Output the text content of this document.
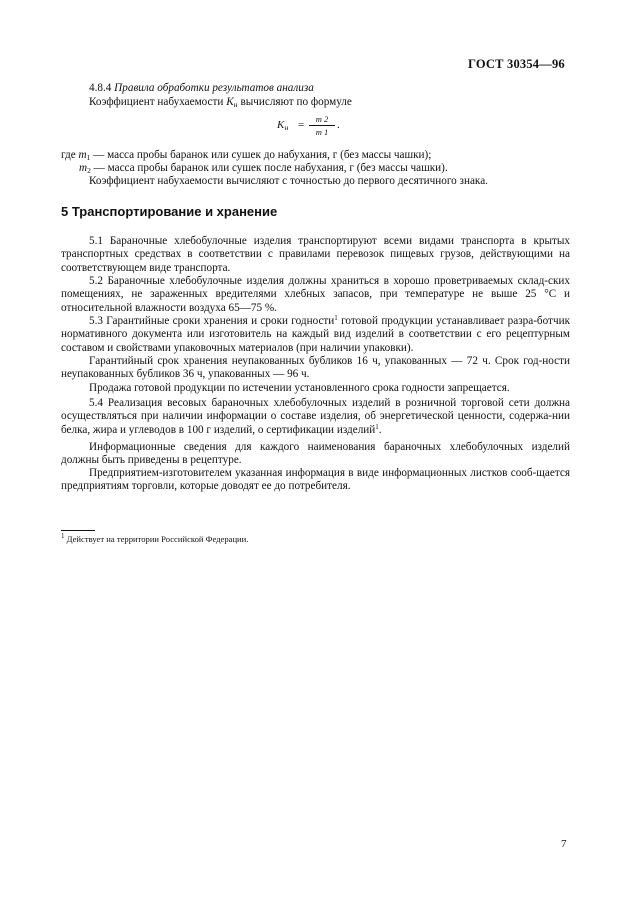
ГОСТ 30354—96
4.8.4 Правила обработки результатов анализа
Коэффициент набухаемости $K_н$ вычисляют по формуле
$K_н$ =	m 2
m 1
.
где $m_1$ — масса пробы баранок или сушек до набухания, г (без массы чашки);
$m_2$ — масса пробы баранок или сушек после набухания, г (без массы чашки).
Коэффициент набухаемости вычисляют с точностью до первого десятичного знака.
5 Транспортирование и хранение
5.1 Бараночные хлебобулочные изделия транспортируют всеми видами транспорта в крытых транспортных средствах в соответствии с правилами перевозок пищевых грузов, действующими на соответствующем виде транспорта.
5.2 Бараночные хлебобулочные изделия должны храниться в хорошо проветриваемых склад-ских помещениях, не зараженных вредителями хлебных запасов, при температуре не выше 25 °С и относительной влажности воздуха 65—75 %.
5.3 Гарантийные сроки хранения и сроки годности$^1$ готовой продукции устанавливает разра-ботчик нормативного документа или изготовитель на каждый вид изделий в соответствии с его рецептурным составом и свойствами упаковочных материалов (при наличии упаковки).
Гарантийный срок хранения неупакованных бубликов 16 ч, упакованных — 72 ч. Срок год-ности неупакованных бубликов 36 ч, упакованных — 96 ч.
Продажа готовой продукции по истечении установленного срока годности запрещается.
5.4 Реализация весовых бараночных хлебобулочных изделий в розничной торговой сети должна осуществляться при наличии информации о составе изделия, об энергетической ценности, содержа-нии белка, жира и углеводов в 100 г изделий, о сертификации изделий$^1$.
Информационные сведения для каждого наименования бараночных хлебобулочных изделий должны быть приведены в рецептуре.
Предприятием-изготовителем указанная информация в виде информационных листков сооб-щается предприятиям торговли, которые доводят ее до потребителя.
$^1$ Действует на территории Российской Федерации.
7
